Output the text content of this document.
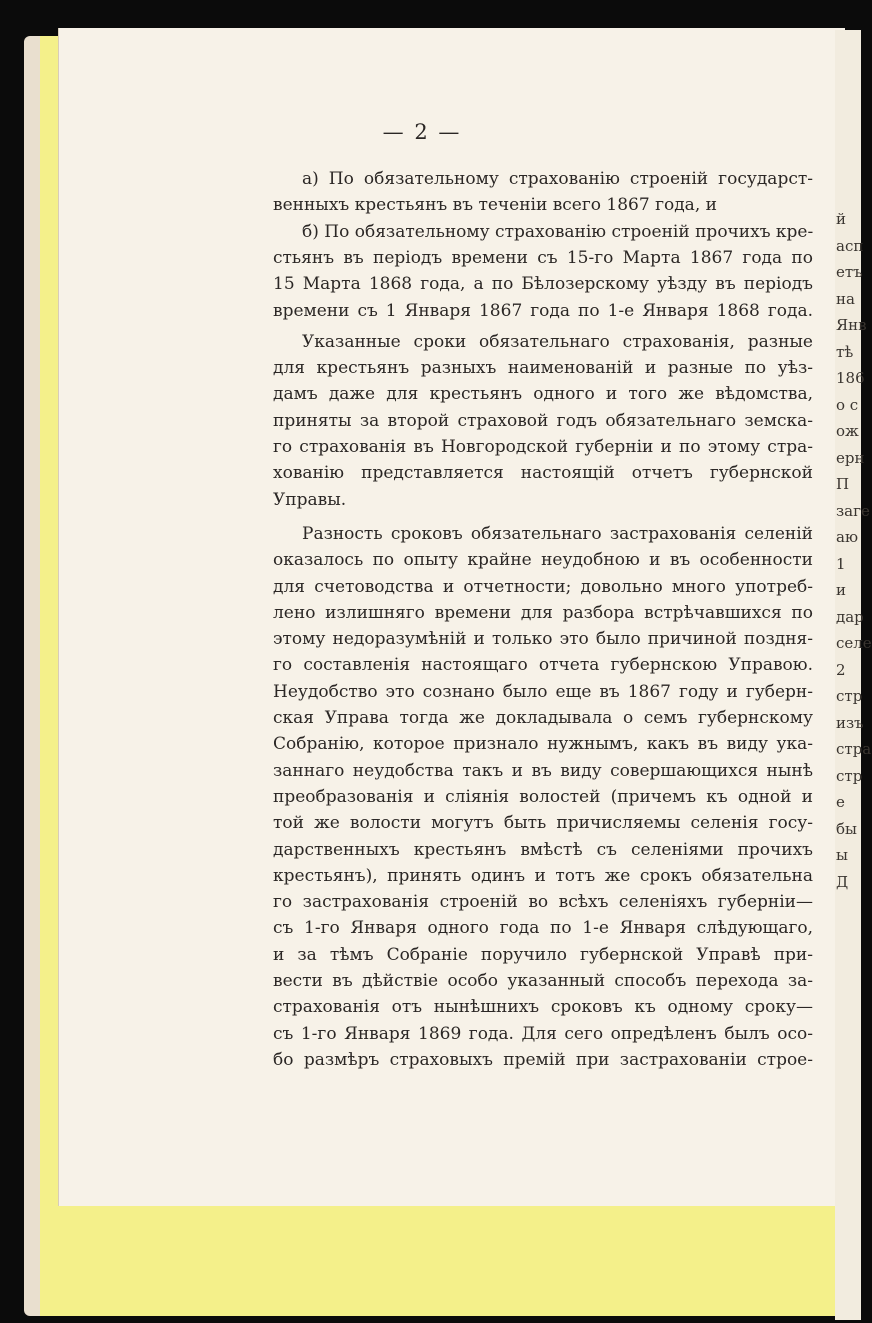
— 2 —
а) По обязательному страхованію строеній государст-
венныхъ крестьянъ въ теченіи всего 1867 года, и
б) По обязательному страхованію строеній прочихъ кре-
стьянъ въ періодъ времени съ 15-го Марта 1867 года по
15 Марта 1868 года, а по Бѣлозерскому уѣзду въ періодъ
времени съ 1 Января 1867 года по 1-е Января 1868 года.
Указанные сроки обязательнаго страхованія, разные
для крестьянъ разныхъ наименованій и разные по уѣз-
дамъ даже для крестьянъ одного и того же вѣдомства,
приняты за второй страховой годъ обязательнаго земска-
го страхованія въ Новгородской губерніи и по этому стра-
хованію представляется настоящій отчетъ губернской
Управы.
Разность сроковъ обязательнаго застрахованія селеній
оказалось по опыту крайне неудобною и въ особенности
для счетоводства и отчетности; довольно много употреб-
лено излишняго времени для разбора встрѣчавшихся по
этому недоразумѣній и только это было причиной поздня-
го составленія настоящаго отчета губернскою Управою.
Неудобство это сознано было еще въ 1867 году и губерн-
ская Управа тогда же докладывала о семъ губернскому
Собранію, которое признало нужнымъ, какъ въ виду ука-
заннаго неудобства такъ и въ виду совершающихся нынѣ
преобразованія и слiянія волостей (причемъ къ одной и
той же волости могутъ быть причисляемы селенія госу-
дарственныхъ крестьянъ вмѣстѣ съ селеніями прочихъ
крестьянъ), принять одинъ и тотъ же срокъ обязательна
го застрахованія строеній во всѣхъ селеніяхъ губерніи—
съ 1-го Января одного года по 1-е Января слѣдующаго,
и за тѣмъ Собраніе поручило губернской Управѣ при-
вести въ дѣйствіе особо указанный способъ перехода за-
страхованія отъ нынѣшнихъ сроковъ къ одному сроку—
съ 1-го Января 1869 года. Для сего опредѣленъ былъ осо-
бо размѣръ страховыхъ премій при застрахованіи строе-
й
асп
етъ
на
Янв
тѣ
186
о с
ож
ерн
П
заге
аю
1
и
дар
селе
2
стр
изъ
стра
стр
е
бы
ы
Д
